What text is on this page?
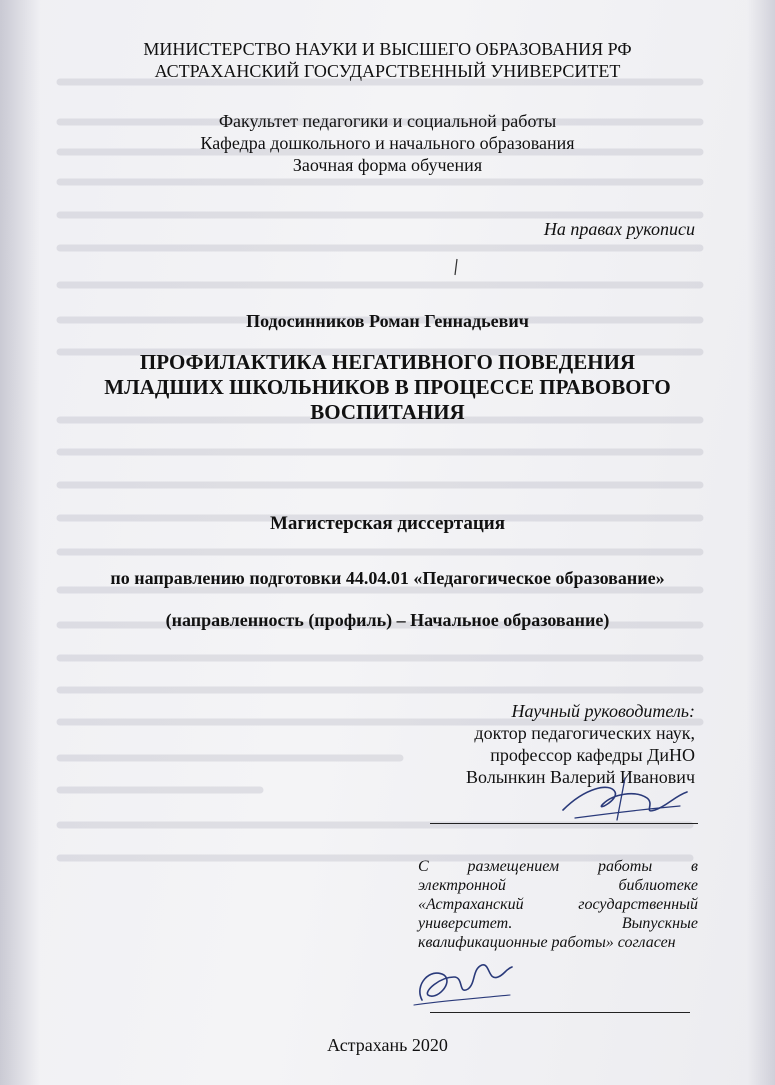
МИНИСТЕРСТВО НАУКИ И ВЫСШЕГО ОБРАЗОВАНИЯ РФ
АСТРАХАНСКИЙ ГОСУДАРСТВЕННЫЙ УНИВЕРСИТЕТ
Факультет педагогики и социальной работы
Кафедра дошкольного и начального образования
Заочная форма обучения
На правах рукописи
Подосинников Роман Геннадьевич
ПРОФИЛАКТИКА НЕГАТИВНОГО ПОВЕДЕНИЯ
МЛАДШИХ ШКОЛЬНИКОВ В ПРОЦЕССЕ ПРАВОВОГО
ВОСПИТАНИЯ
Магистерская диссертация
по направлению подготовки 44.04.01 «Педагогическое образование»
(направленность (профиль) – Начальное образование)
Научный руководитель:
доктор педагогических наук,
профессор кафедры ДиНО
Волынкин Валерий Иванович
С размещением работы в
электронной библиотеке
«Астраханский государственный
университет. Выпускные
квалификационные работы» согласен
Астрахань 2020
